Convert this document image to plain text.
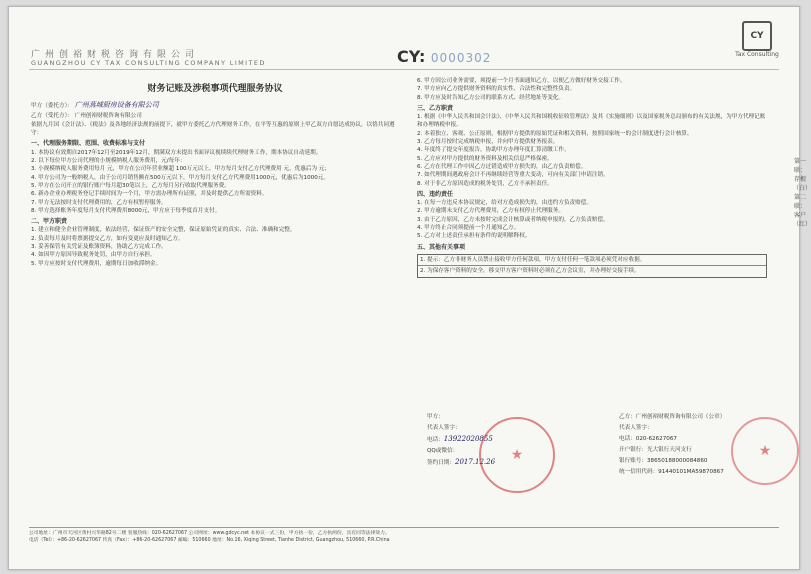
广州创裕财税咨询有限公司
GUANGZHOU CY TAX CONSULTING COMPANY LIMITED	CY: 0000302
CY
Tax Consulting
财务记账及涉税事项代理服务协议
甲方（委托方）： 广州燕城厨房设备有限公司
乙方（受托方）： 广州创裕财税咨询有限公司

依据九月国《会计法》、《税法》及各地经济法规的前提下，就甲方委托乙方代理财务工作，在平等互惠的原则上甲乙双方自愿达成协议，以恪共同遵守：

一、代理服务期限、范围、收费标准与支付

1. 本协议有效期自2017年12月至2019年12月，期满双方未提出书面异议视续续代理财务工作，期本协议自动延期。

2. 以下每位甲方公司代理的小规模纳税人服务费用，元/每年：

3. 小规模纳税人服务费用每月 元，甲方在公司年营业额超 100万元以上，甲方每月支付乙方代理费用 元，优惠后为 元；

4. 甲方公司为一般纳税人，由于公司月销售额在500万元以下，甲方每月支付乙方代理费用1000元，优惠后为1000元。

5. 甲方在公司开立的银行账户每月超30笔以上，乙方每月另行收取代理服务费。

6. 新办企业办理税务登记手续时间为一个月，甲方需办理所有证照，并及时提供乙方所需资料。

7. 甲方无法按时支付代理费用的，乙方有权暂停服务。

8. 甲方选择账务年度每月支付代理费用8000元，甲方应于每季度首月支付。

二、甲方职责

1. 建立和健全企业管理制度，依法经营，保证资产的安全完整，保证原始凭证的真实、合法、准确和完整。

2. 负责每月及时将票据提交乙方，如有变更应及时通知乙方。

3. 妥善保管有关凭证及账簿资料，协助乙方完成工作。

4. 如因甲方原因导致税务处罚，由甲方自行承担。

5. 甲方应按时支付代理费用，逾期每日加收滞纳金。

6. 甲方因公司业务需要，须提前一个月书面通知乙方，以便乙方做好财务交接工作。

7. 甲方应向乙方提供财务资料的真实性、合法性和完整性负责。

8. 甲方应及时告知乙方公司的联系方式、经营地址等变化。

三、乙方职责

1. 根据《中华人民共和国会计法》、《中华人民共和国税收征收管理法》及其《实施细则》以及国家税务总局颁布的有关法规，为甲方代理记账和办理纳税申报。

2. 本着独立、客观、公正原则，根据甲方提供的原始凭证和相关资料，按照国家统一的会计制度进行会计核算。

3. 乙方每月按时完成纳税申报，并向甲方提供财务报表。

4. 年度终了提交年度报告，协助甲方办理年度汇算清缴工作。

5. 乙方应对甲方提供的财务资料及相关信息严格保密。

6. 乙方在代理工作中因乙方过错造成甲方损失的，由乙方负责赔偿。

7. 如代理期间遇政府会计不再继续经营等重大变动，可向有关部门申请注销。

8. 对于非乙方原因造成的税务处罚，乙方不承担责任。

四、违约责任

1. 在每一方违反本协议规定，给对方造成损失的，由违约方负责赔偿。

2. 甲方逾期未支付乙方代理费用，乙方有权停止代理服务。

3. 由于乙方原因，乙方未按时完成会计核算或者纳税申报的，乙方负责赔偿。

4. 甲方终止合同须提前一个月通知乙方。

5. 乙方对上述责任承担有条件的说明解释权。

五、其他有关事项
1. 提示：乙方非财务人员禁止接收甲方任何款项，甲方支付任何一笔款项必须凭对应收据。
2. 为保存客户资料的安全，移交甲方客户资料时必须在乙方会议室，并办理好交接手续。
甲方：
代表人签字：
电话：13922020855
QQ或微信：
签约日期：2017.12.26	★
乙方：广州创裕财税咨询有限公司（公章）
代表人签字：
电话：020-62627067
开户银行：光大银行天河支行
银行账号：38650188000084860
统一信用代码：91440101MA59870867
★
公司地址：广州市天河区黄村兴华路82号二楼 客服热线：020-62627067 公司网址：www.gdcyc.net 本协议一式三份，甲方执一份，乙方执两份，具有同等法律效力。
电话（Tel）：+86-20-62627067 传真（Fax）：+86-20-62627067 邮编：510660 地址：No.16, Xiqing Street, Tianhe District, Guangzhou, 510660, P.R.China
第一联：存根（白） 第二联：客户（红）
